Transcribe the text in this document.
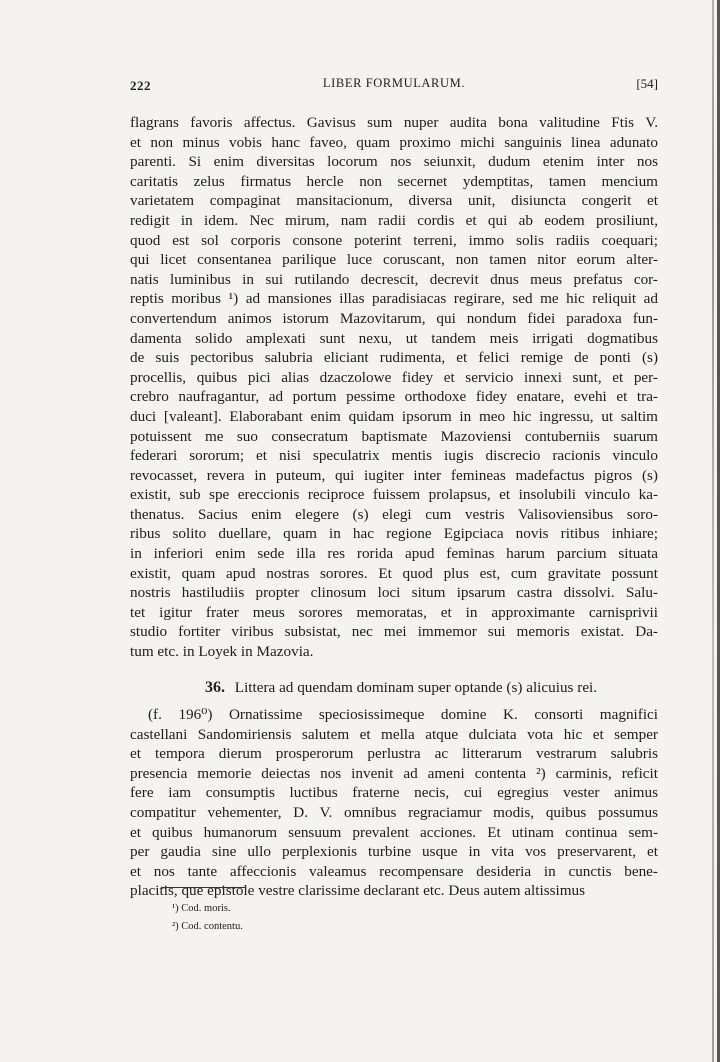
222	LIBER FORMULARUM.	[54]
flagrans favoris affectus. Gavisus sum nuper audita bona valitudine Ftis V.
et non minus vobis hanc faveo, quam proximo michi sanguinis linea adunato
parenti. Si enim diversitas locorum nos seiunxit, dudum etenim inter nos
caritatis zelus firmatus hercle non secernet ydemptitas, tamen mencium
varietatem compaginat mansitacionum, diversa unit, disiuncta congerit et
redigit in idem. Nec mirum, nam radii cordis et qui ab eodem prosiliunt,
quod est sol corporis consone poterint terreni, immo solis radiis coequari;
qui licet consentanea parilique luce coruscant, non tamen nitor eorum alter-
natis luminibus in sui rutilando decrescit, decrevit dnus meus prefatus cor-
reptis moribus ¹) ad mansiones illas paradisiacas regirare, sed me hic reliquit ad
convertendum animos istorum Mazovitarum, qui nondum fidei paradoxa fun-
damenta solido amplexati sunt nexu, ut tandem meis irrigati dogmatibus
de suis pectoribus salubria eliciant rudimenta, et felici remige de ponti (s)
procellis, quibus pici alias dzaczolowe fidey et servicio innexi sunt, et per-
crebro naufragantur, ad portum pessime orthodoxe fidey enatare, evehi et tra-
duci [valeant]. Elaborabant enim quidam ipsorum in meo hic ingressu, ut saltim
potuissent me suo consecratum baptismate Mazoviensi contuberniis suarum
federari sororum; et nisi speculatrix mentis iugis discrecio racionis vinculo
revocasset, revera in puteum, qui iugiter inter femineas madefactus pigros (s)
existit, sub spe ereccionis reciproce fuissem prolapsus, et insolubili vinculo ka-
thenatus. Sacius enim elegere (s) elegi cum vestris Valisoviensibus soro-
ribus solito duellare, quam in hac regione Egipciaca novis ritibus inhiare;
in inferiori enim sede illa res rorida apud feminas harum parcium situata
existit, quam apud nostras sorores. Et quod plus est, cum gravitate possunt
nostris hastiludiis propter clinosum loci situm ipsarum castra dissolvi. Salu-
tet igitur frater meus sorores memoratas, et in approximante carnisprivii
studio fortiter viribus subsistat, nec mei immemor sui memoris existat. Da-
tum etc. in Loyek in Mazovia.
36. Littera ad quendam dominam super optande (s) alicuius rei.
(f. 196⁰) Ornatissime speciosissimeque domine K. consorti magnifici
castellani Sandomiriensis salutem et mella atque dulciata vota hic et semper
et tempora dierum prosperorum perlustra ac litterarum vestrarum salubris
presencia memorie deiectas nos invenit ad ameni contenta ²) carminis, reficit
fere iam consumptis luctibus fraterne necis, cui egregius vester animus
compatitur vehementer, D. V. omnibus regraciamur modis, quibus possumus
et quibus humanorum sensuum prevalent acciones. Et utinam continua sem-
per gaudia sine ullo perplexionis turbine usque in vita vos preservarent, et
et nos tante affeccionis valeamus recompensare desideria in cunctis bene-
placitis, que epistole vestre clarissime declarant etc. Deus autem altissimus
¹) Cod. moris.
²) Cod. contentu.
